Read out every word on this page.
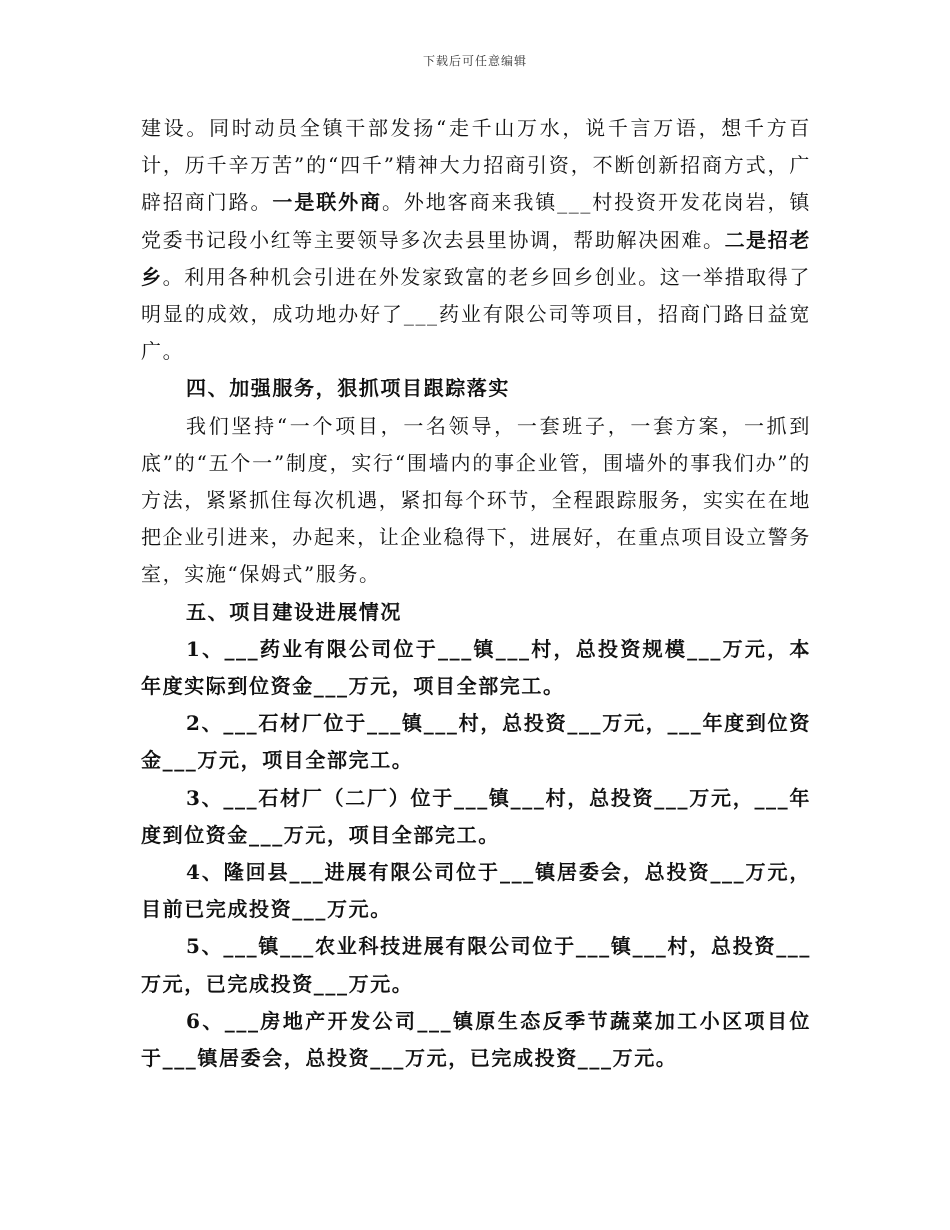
下载后可任意编辑

建设。同时动员全镇干部发扬“走千山万水，说千言万语，想千方百计，历千辛万苦”的“四千”精神大力招商引资，不断创新招商方式，广辟招商门路。一是联外商。外地客商来我镇___村投资开发花岗岩，镇党委书记段小红等主要领导多次去县里协调，帮助解决困难。二是招老乡。利用各种机会引进在外发家致富的老乡回乡创业。这一举措取得了明显的成效，成功地办好了___药业有限公司等项目，招商门路日益宽广。

四、加强服务，狠抓项目跟踪落实

我们坚持“一个项目，一名领导，一套班子，一套方案，一抓到底”的“五个一”制度，实行“围墙内的事企业管，围墙外的事我们办”的方法，紧紧抓住每次机遇，紧扣每个环节，全程跟踪服务，实实在在地把企业引进来，办起来，让企业稳得下，进展好，在重点项目设立警务室，实施“保姆式”服务。

五、项目建设进展情况

1、___药业有限公司位于___镇___村，总投资规模___万元，本年度实际到位资金___万元，项目全部完工。

2、___石材厂位于___镇___村，总投资___万元，___年度到位资金___万元，项目全部完工。

3、___石材厂（二厂）位于___镇___村，总投资___万元，___年度到位资金___万元，项目全部完工。

4、隆回县___进展有限公司位于___镇居委会，总投资___万元，目前已完成投资___万元。

5、___镇___农业科技进展有限公司位于___镇___村，总投资___万元，已完成投资___万元。

6、___房地产开发公司___镇原生态反季节蔬菜加工小区项目位于___镇居委会，总投资___万元，已完成投资___万元。
